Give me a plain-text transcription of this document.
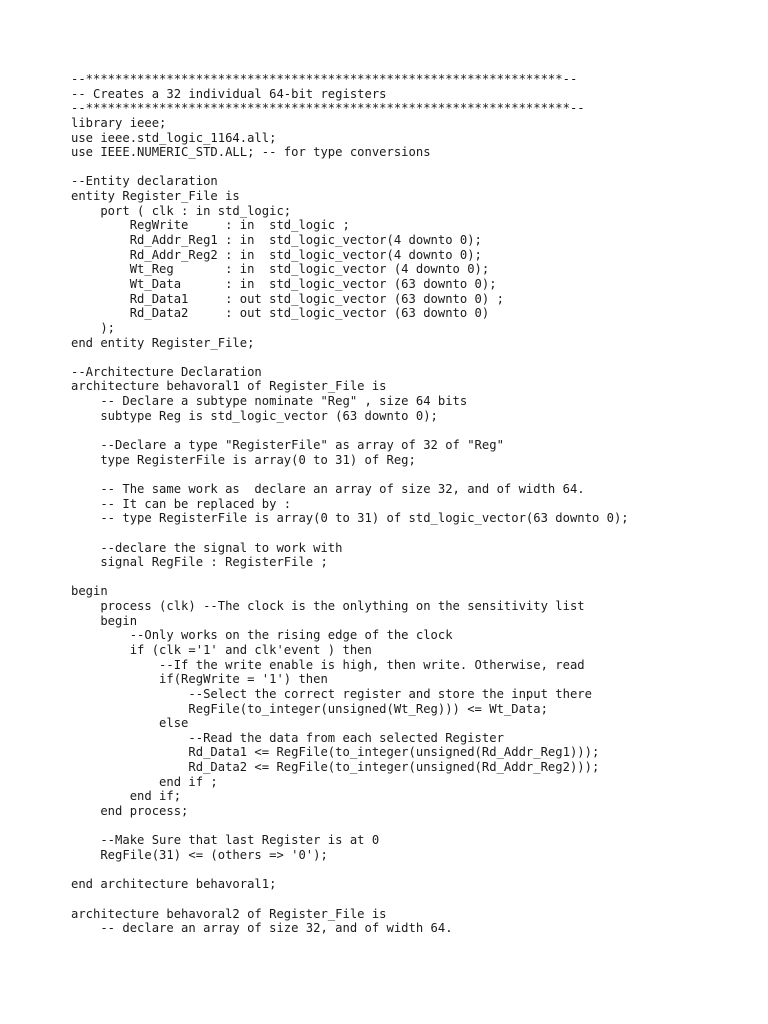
--*****************************************************************--
-- Creates a 32 individual 64-bit registers
--******************************************************************--
library ieee;
use ieee.std_logic_1164.all;
use IEEE.NUMERIC_STD.ALL; -- for type conversions
--Entity declaration
entity Register_File is
port ( clk : in std_logic;
RegWrite     : in  std_logic ;
Rd_Addr_Reg1 : in  std_logic_vector(4 downto 0);
Rd_Addr_Reg2 : in  std_logic_vector(4 downto 0);
Wt_Reg       : in  std_logic_vector (4 downto 0);
Wt_Data      : in  std_logic_vector (63 downto 0);
Rd_Data1     : out std_logic_vector (63 downto 0) ;
Rd_Data2     : out std_logic_vector (63 downto 0)
);
end entity Register_File;
--Architecture Declaration
architecture behavoral1 of Register_File is
-- Declare a subtype nominate "Reg" , size 64 bits
subtype Reg is std_logic_vector (63 downto 0);
--Declare a type "RegisterFile" as array of 32 of "Reg"
type RegisterFile is array(0 to 31) of Reg;
-- The same work as  declare an array of size 32, and of width 64.
-- It can be replaced by :
-- type RegisterFile is array(0 to 31) of std_logic_vector(63 downto 0);
--declare the signal to work with
signal RegFile : RegisterFile ;
begin
process (clk) --The clock is the onlything on the sensitivity list
begin
--Only works on the rising edge of the clock
if (clk ='1' and clk'event ) then
--If the write enable is high, then write. Otherwise, read
if(RegWrite = '1') then
--Select the correct register and store the input there
RegFile(to_integer(unsigned(Wt_Reg))) <= Wt_Data;
else
--Read the data from each selected Register
Rd_Data1 <= RegFile(to_integer(unsigned(Rd_Addr_Reg1)));
Rd_Data2 <= RegFile(to_integer(unsigned(Rd_Addr_Reg2)));
end if ;
end if;
end process;
--Make Sure that last Register is at 0
RegFile(31) <= (others => '0');
end architecture behavoral1;
architecture behavoral2 of Register_File is
-- declare an array of size 32, and of width 64.
